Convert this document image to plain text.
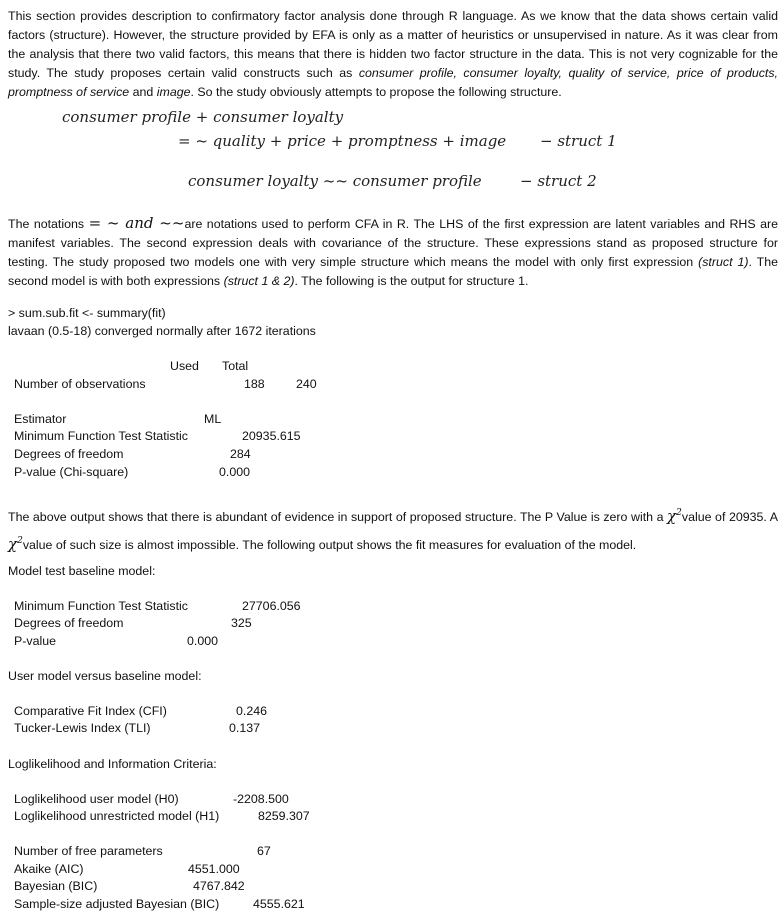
This section provides description to confirmatory factor analysis done through R language. As we know that the data shows certain valid factors (structure). However, the structure provided by EFA is only as a matter of heuristics or unsupervised in nature. As it was clear from the analysis that there two valid factors, this means that there is hidden two factor structure in the data. This is not very cognizable for the study. The study proposes certain valid constructs such as consumer profile, consumer loyalty, quality of service, price of products, promptness of service and image. So the study obviously attempts to propose the following structure.

consumer profile + consumer loyalty
= ~ quality + price + promptness + image − struct 1
consumer loyalty ~~ consumer profile	− struct 2

The notations = ~ and ~~are notations used to perform CFA in R. The LHS of the first expression are latent variables and RHS are manifest variables. The second expression deals with covariance of the structure. These expressions stand as proposed structure for testing. The study proposed two models one with very simple structure which means the model with only first expression (struct 1). The second model is with both expressions (struct 1 & 2). The following is the output for structure 1.

> sum.sub.fit <- summary(fit)
lavaan (0.5-18) converged normally after 1672 iterations
Used Total
Number of observations	188	240
Estimator	ML
Minimum Function Test Statistic	20935.615
Degrees of freedom	284
P-value (Chi-square)	0.000

The above output shows that there is abundant of evidence in support of proposed structure. The P Value is zero with a $\chi^2value$ of 20935. A $\chi^2value$ of such size is almost impossible. The following output shows the fit measures for evaluation of the model.

Model test baseline model:
Minimum Function Test Statistic	27706.056
Degrees of freedom	325
P-value	0.000
User model versus baseline model:
Comparative Fit Index (CFI)	0.246
Tucker-Lewis Index (TLI)	0.137
Loglikelihood and Information Criteria:
Loglikelihood user model (H0)	-2208.500
Loglikelihood unrestricted model (H1)	8259.307
Number of free parameters	67
Akaike (AIC)	4551.000
Bayesian (BIC)	4767.842
Sample-size adjusted Bayesian (BIC)	4555.621
